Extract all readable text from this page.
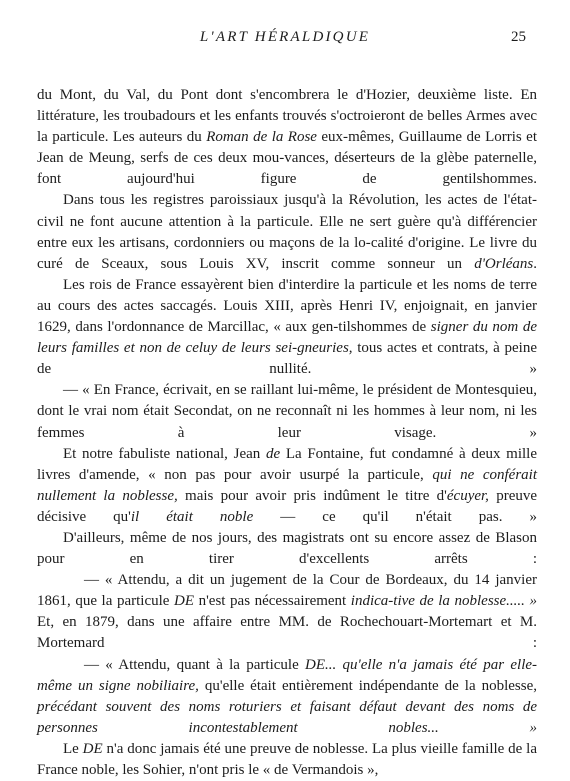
L'ART HÉRALDIQUE	25

du Mont, du Val, du Pont dont s'encombrera le d'Hozier, deuxième liste. En littérature, les troubadours et les enfants trouvés s'octroieront de belles Armes avec la particule. Les auteurs du Roman de la Rose eux-mêmes, Guillaume de Lorris et Jean de Meung, serfs de ces deux mou-vances, déserteurs de la glèbe paternelle, font aujourd'hui figure de	gentilshommes.

Dans tous les registres paroissiaux jusqu'à la Révolution, les actes de l'état-civil ne font aucune attention à la particule. Elle ne sert guère qu'à différencier entre eux les artisans, cordonniers ou maçons de la lo-calité d'origine. Le livre du curé de Sceaux, sous Louis XV, inscrit comme sonneur un d'Orléans.

Les rois de France essayèrent bien d'interdire la particule et les noms de terre au cours des actes saccagés. Louis XIII, après Henri IV, enjoignait, en janvier 1629, dans l'ordonnance de Marcillac, « aux gen-tilshommes de signer du nom de leurs familles et non de celuy de leurs sei-gneuries, tous actes et contrats, à peine de nullité. »

— « En France, écrivait, en se raillant lui-même, le président de Montesquieu, dont le vrai nom était Secondat, on ne reconnaît ni les hommes à leur nom, ni les femmes à leur visage. »

Et notre fabuliste national, Jean de La Fontaine, fut condamné à deux mille livres d'amende, « non pas pour avoir usurpé la particule, qui ne conférait nullement la noblesse, mais pour avoir pris indûment le titre d'écuyer, preuve décisive qu'il était noble — ce qu'il n'était pas. »

D'ailleurs, même de nos jours, des magistrats ont su encore assez de Blason pour en tirer d'excellents arrêts :

— « Attendu, a dit un jugement de la Cour de Bordeaux, du 14 janvier 1861, que la particule DE n'est pas nécessairement indica-tive de la noblesse..... » Et, en 1879, dans une affaire entre MM. de Rochechouart-Mortemart et M. Mortemard :

— « Attendu, quant à la particule DE... qu'elle n'a jamais été par elle-même un signe nobiliaire, qu'elle était entièrement indépendante de la noblesse, précédant souvent des noms roturiers et faisant défaut devant des noms de personnes incontestablement nobles... »

Le DE n'a donc jamais été une preuve de noblesse. La plus vieille famille de la France noble, les Sohier, n'ont pris le « de Vermandois »,
